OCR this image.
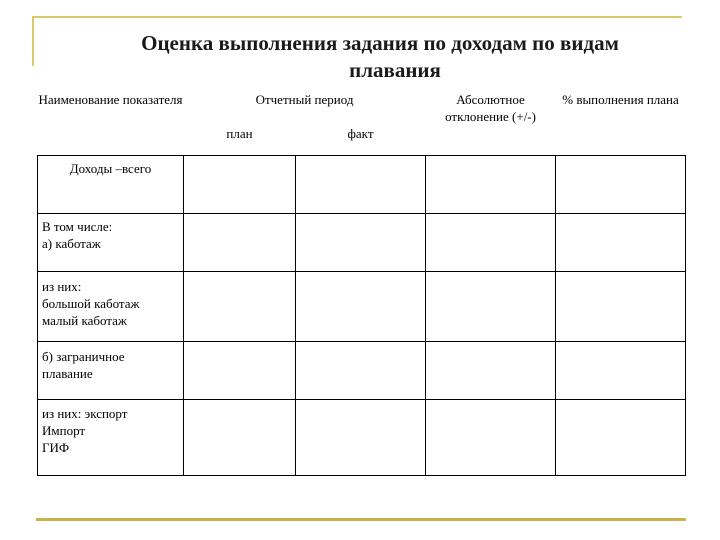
Оценка выполнения задания по доходам по видам
плавания
Наименование показателя	Отчетный период		Абсолютное отклонение (+/-)	% выполнения плана
	план	факт		
Доходы –всего				

В том числе:
а) каботаж				

из них:
большой каботаж
малый каботаж				

б) заграничное
плавание				

из них: экспорт
Импорт
ГИФ				
